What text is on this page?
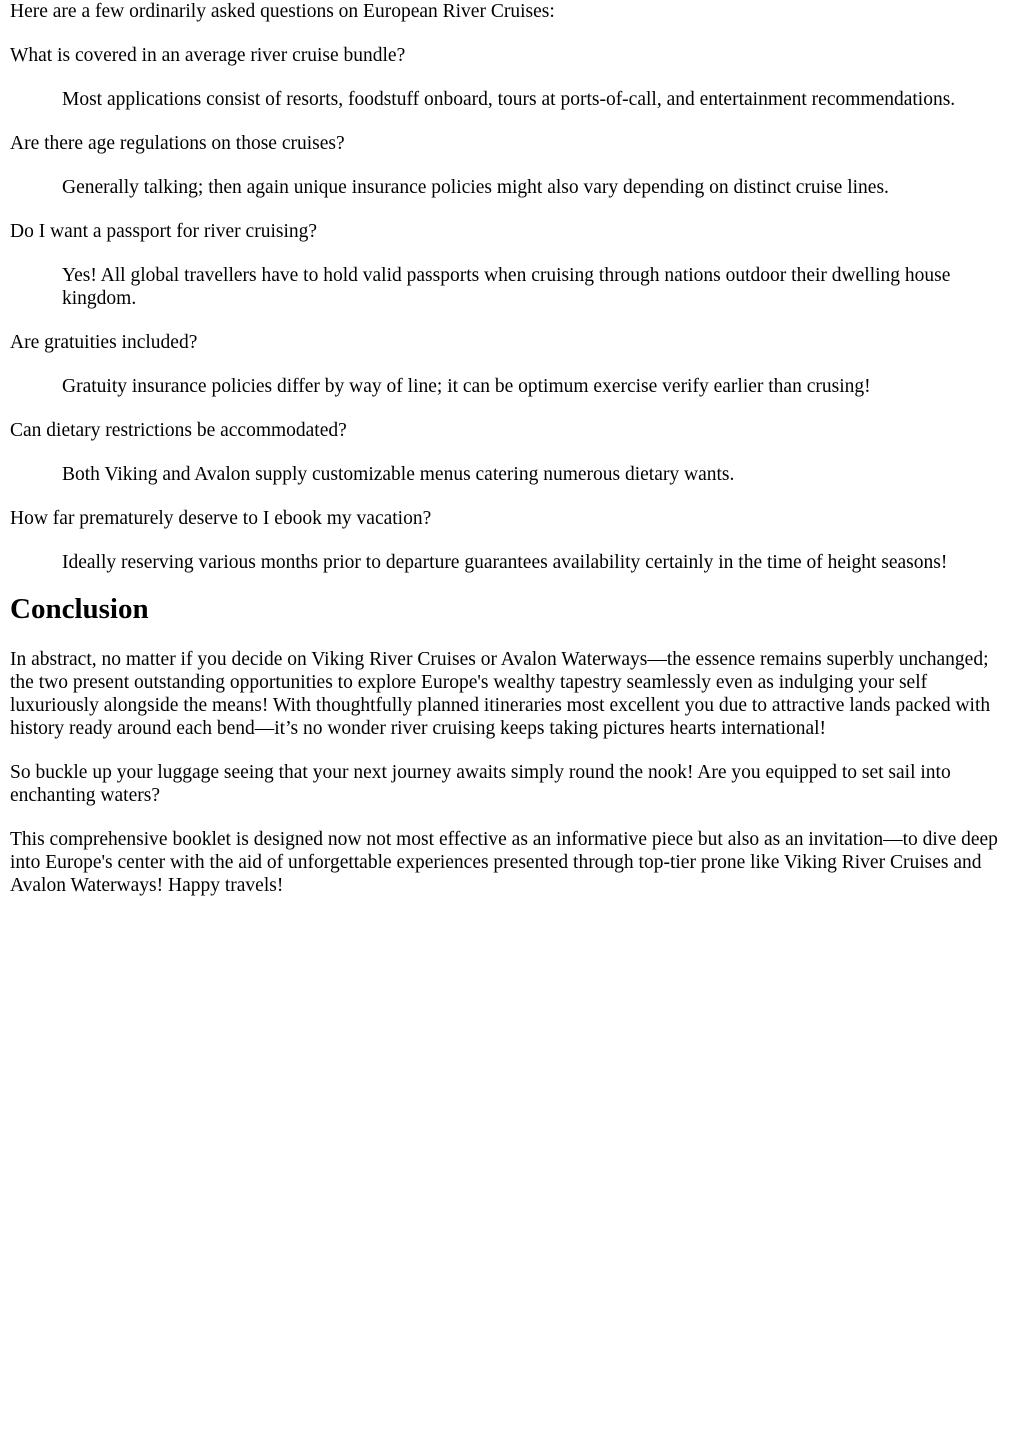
Here are a few ordinarily asked questions on European River Cruises:

What is covered in an average river cruise bundle?
Most applications consist of resorts, foodstuff onboard, tours at ports-of-call, and entertainment recommendations.
Are there age regulations on those cruises?
Generally talking; then again unique insurance policies might also vary depending on distinct cruise lines.
Do I want a passport for river cruising?
Yes! All global travellers have to hold valid passports when cruising through nations outdoor their dwelling house kingdom.
Are gratuities included?
Gratuity insurance policies differ by way of line; it can be optimum exercise verify earlier than crusing!
Can dietary restrictions be accommodated?
Both Viking and Avalon supply customizable menus catering numerous dietary wants.
How far prematurely deserve to I ebook my vacation?
Ideally reserving various months prior to departure guarantees availability certainly in the time of height seasons!
Conclusion

In abstract, no matter if you decide on Viking River Cruises or Avalon Waterways—the essence remains superbly unchanged; the two present outstanding opportunities to explore Europe's wealthy tapestry seamlessly even as indulging your self luxuriously alongside the means! With thoughtfully planned itineraries most excellent you due to attractive lands packed with history ready around each bend—it’s no wonder river cruising keeps taking pictures hearts international!

So buckle up your luggage seeing that your next journey awaits simply round the nook! Are you equipped to set sail into enchanting waters?

This comprehensive booklet is designed now not most effective as an informative piece but also as an invitation—to dive deep into Europe's center with the aid of unforgettable experiences presented through top-tier prone like Viking River Cruises and Avalon Waterways! Happy travels!
